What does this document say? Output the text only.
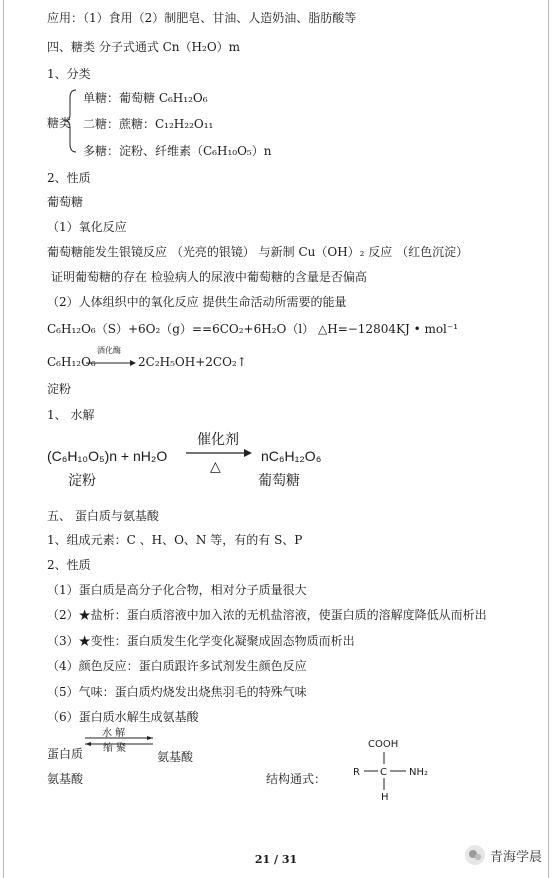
应用：（1）食用（2）制肥皂、甘油、人造奶油、脂肪酸等
四、糖类 分子式通式 Cn（H₂O）m
1、分类
糖类
单糖：葡萄糖 C₆H₁₂O₆
二糖：蔗糖：C₁₂H₂₂O₁₁
多糖：淀粉、纤维素（C₆H₁₀O₅）n
2、性质
葡萄糖
（1）氧化反应
葡萄糖能发生银镜反应 （光亮的银镜） 与新制 Cu（OH）₂ 反应 （红色沉淀）
证明葡萄糖的存在 检验病人的尿液中葡萄糖的含量是否偏高
（2）人体组织中的氧化反应 提供生命活动所需要的能量
C₆H₁₂O₆（S）+6O₂（g）==6CO₂+6H₂O（l） △H=−12804KJ • mol⁻¹
C₆H₁₂O₆
酒化酶
→ 2C₂H₅OH+2CO₂↑
淀粉
1、 水解
(C₆H₁₀O₅)n + nH₂O
催化剂
△
nC₆H₁₂O₆
淀粉	葡萄糖
五、 蛋白质与氨基酸
1、组成元素：C 、H、O、N 等，有的有 S、P
2、性质
（1）蛋白质是高分子化合物，相对分子质量很大
（2）★盐析：蛋白质溶液中加入浓的无机盐溶液，使蛋白质的溶解度降低从而析出
（3）★变性：蛋白质发生化学变化凝聚成固态物质而析出
（4）颜色反应：蛋白质跟许多试剂发生颜色反应
（5）气味：蛋白质灼烧发出烧焦羽毛的特殊气味
（6）蛋白质水解生成氨基酸
水 解
缩 聚
蛋白质	氨基酸
氨基酸	结构通式：
COOH
R C NH₂
H
21 / 31	青海学晨
